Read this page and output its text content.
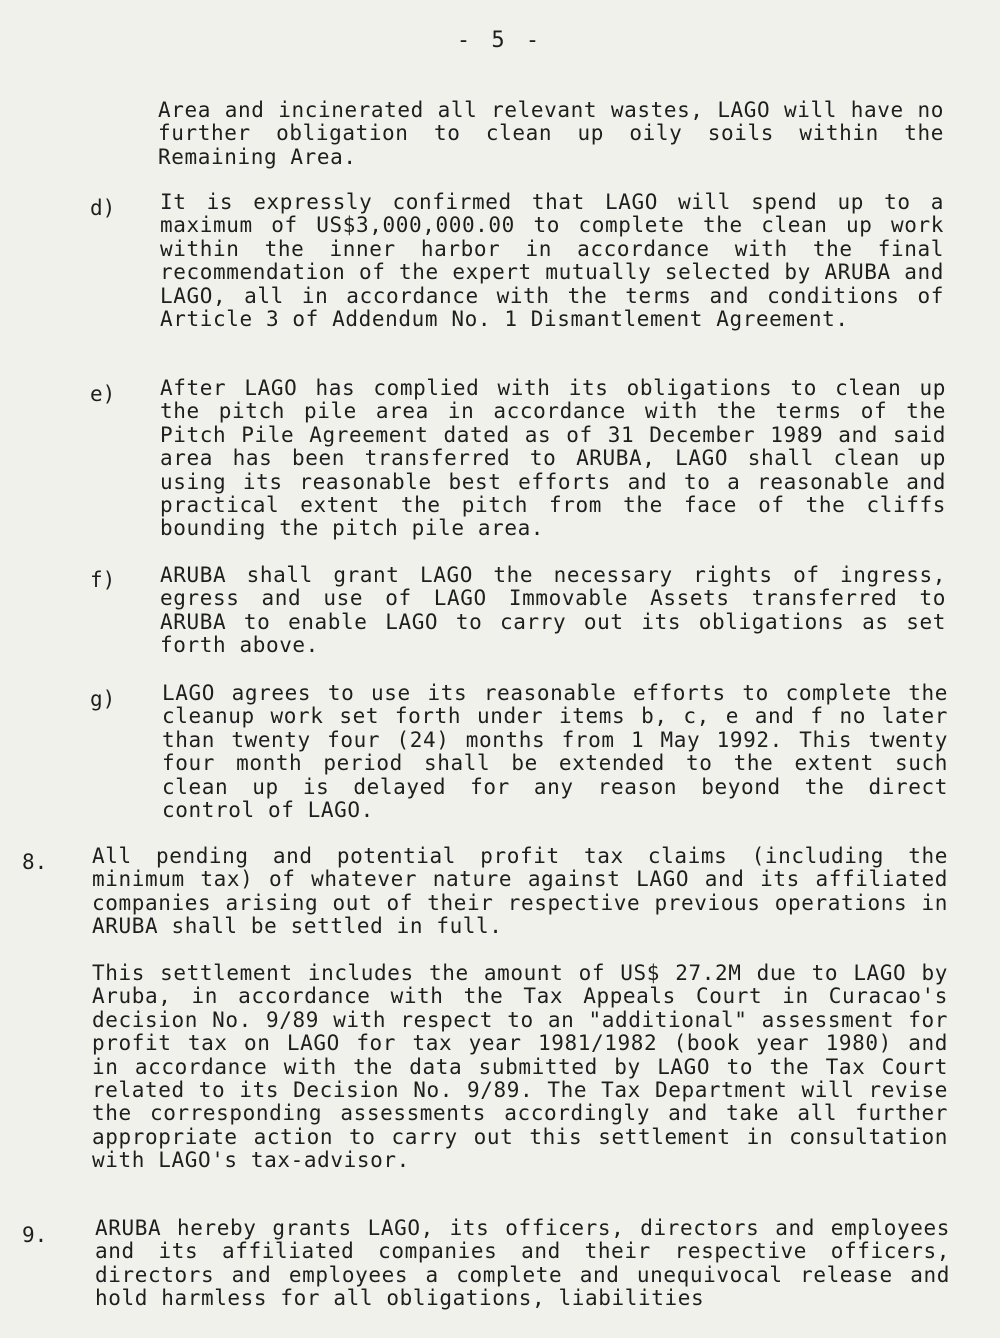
- 5 -

Area and incinerated all relevant wastes, LAGO will have no further obligation to clean up oily soils within the Remaining Area.

d) It is expressly confirmed that LAGO will spend up to a maximum of US$3,000,000.00 to complete the clean up work within the inner harbor in accordance with the final recommendation of the expert mutually selected by ARUBA and LAGO, all in accordance with the terms and conditions of Article 3 of Addendum No. 1 Dismantlement Agreement.

e) After LAGO has complied with its obligations to clean up the pitch pile area in accordance with the terms of the Pitch Pile Agreement dated as of 31 December 1989 and said area has been transferred to ARUBA, LAGO shall clean up using its reasonable best efforts and to a reasonable and practical extent the pitch from the face of the cliffs bounding the pitch pile area.

f) ARUBA shall grant LAGO the necessary rights of ingress, egress and use of LAGO Immovable Assets transferred to ARUBA to enable LAGO to carry out its obligations as set forth above.

g) LAGO agrees to use its reasonable efforts to complete the cleanup work set forth under items b, c, e and f no later than twenty four (24) months from 1 May 1992. This twenty four month period shall be extended to the extent such clean up is delayed for any reason beyond the direct control of LAGO.

8. All pending and potential profit tax claims (including the minimum tax) of whatever nature against LAGO and its affiliated companies arising out of their respective previous operations in ARUBA shall be settled in full.

This settlement includes the amount of US$ 27.2M due to LAGO by Aruba, in accordance with the Tax Appeals Court in Curacao's decision No. 9/89 with respect to an "additional" assessment for profit tax on LAGO for tax year 1981/1982 (book year 1980) and in accordance with the data submitted by LAGO to the Tax Court related to its Decision No. 9/89. The Tax Department will revise the corresponding assessments accordingly and take all further appropriate action to carry out this settlement in consultation with LAGO's tax-advisor.

9. ARUBA hereby grants LAGO, its officers, directors and employees and its affiliated companies and their respective officers, directors and employees a complete and unequivocal release and hold harmless for all obligations, liabilities
